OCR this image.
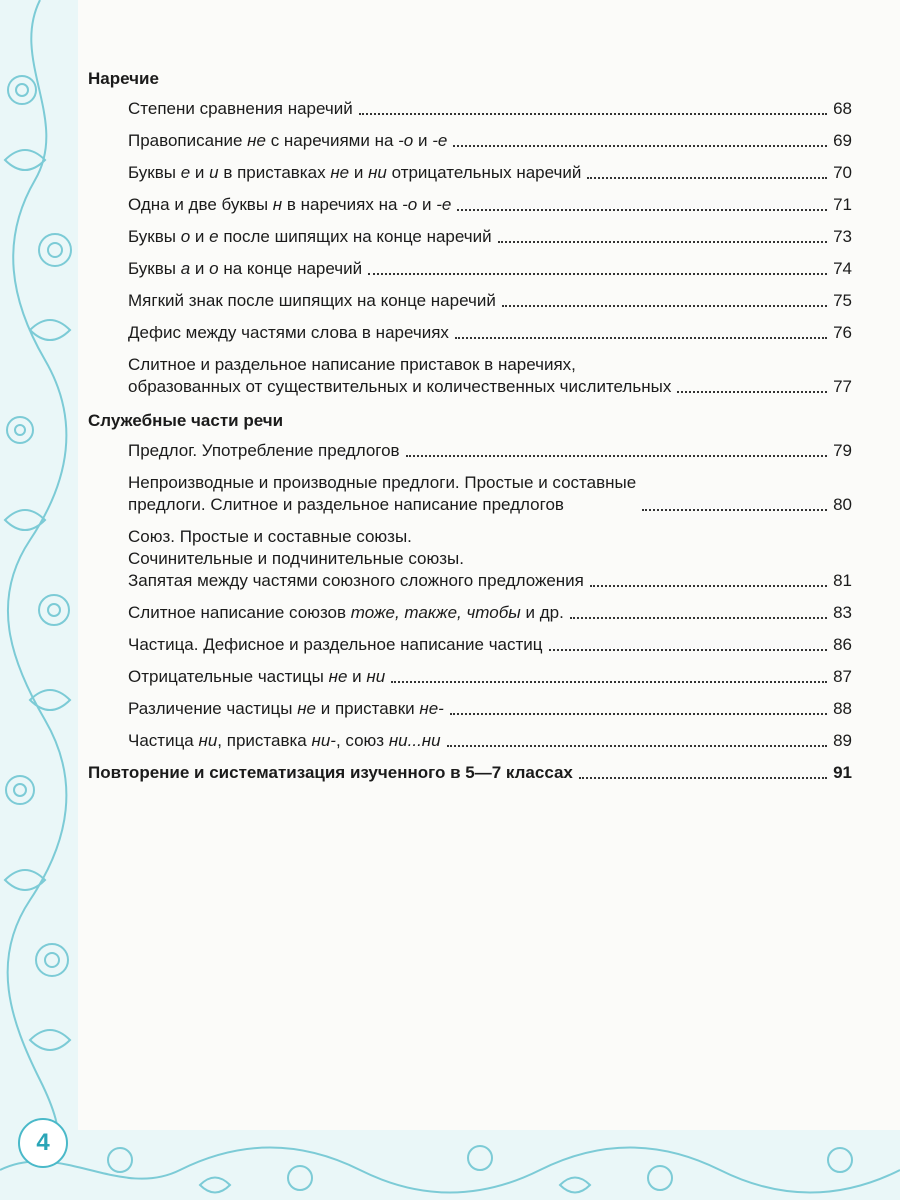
4
Наречие
Степени сравнения наречий	68
Правописание не с наречиями на -о и -е	69
Буквы е и и в приставках не и ни отрицательных наречий	70
Одна и две буквы н в наречиях на -о и -е	71
Буквы о и е после шипящих на конце наречий	73
Буквы а и о на конце наречий	74
Мягкий знак после шипящих на конце наречий	75
Дефис между частями слова в наречиях	76
Слитное и раздельное написание приставок в наречиях,
образованных от существительных и количественных числительных	77
Служебные части речи
Предлог. Употребление предлогов	79
Непроизводные и производные предлоги. Простые и составные
предлоги. Слитное и раздельное написание предлогов	80
Союз. Простые и составные союзы.
Сочинительные и подчинительные союзы.
Запятая между частями союзного сложного предложения	81
Слитное написание союзов тоже, также, чтобы и др.	83
Частица. Дефисное и раздельное написание частиц	86
Отрицательные частицы не и ни	87
Различение частицы не и приставки не-	88
Частица ни, приставка ни-, союз ни...ни	89
Повторение и систематизация изученного в 5—7 классах	91
